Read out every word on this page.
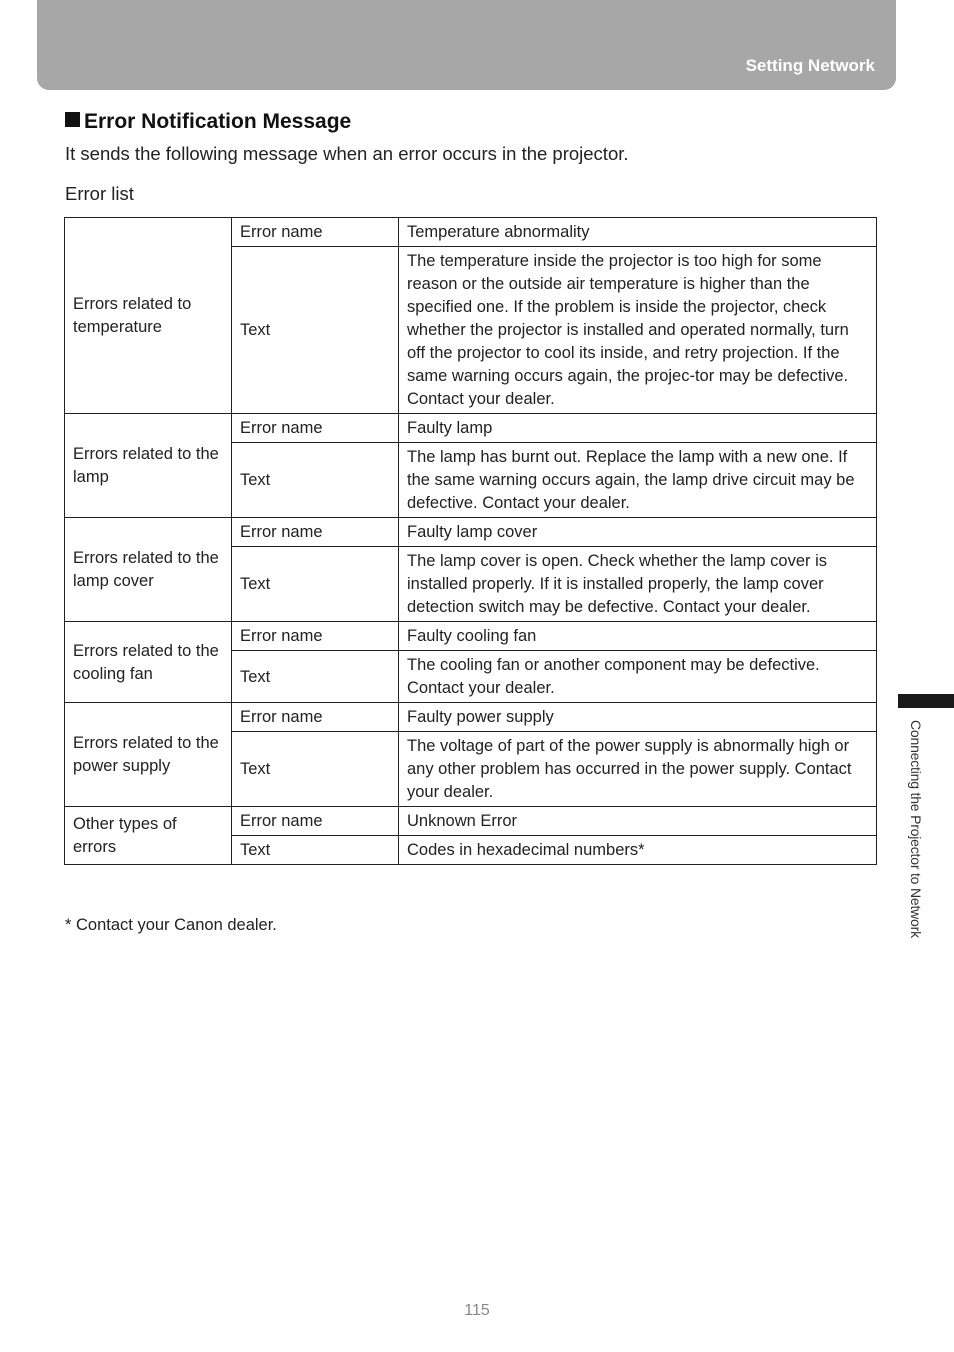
Setting Network
Connecting the Projector to Network
Error Notification Message
It sends the following message when an error occurs in the projector.
Error list
Errors related to temperature	Error name	Temperature abnormality
	Text	The temperature inside the projector is too high for some reason or the outside air temperature is higher than the specified one. If the problem is inside the projector, check whether the projector is installed and operated normally, turn off the projector to cool its inside, and retry projection. If the same warning occurs again, the projec-tor may be defective. Contact your dealer.
Errors related to the lamp	Error name	Faulty lamp
	Text	The lamp has burnt out. Replace the lamp with a new one. If the same warning occurs again, the lamp drive circuit may be defective. Contact your dealer.
Errors related to the lamp cover	Error name	Faulty lamp cover
	Text	The lamp cover is open. Check whether the lamp cover is installed properly. If it is installed properly, the lamp cover detection switch may be defective. Contact your dealer.
Errors related to the cooling fan	Error name	Faulty cooling fan
	Text	The cooling fan or another component may be defective. Contact your dealer.
Errors related to the power supply	Error name	Faulty power supply
	Text	The voltage of part of the power supply is abnormally high or any other problem has occurred in the power supply. Contact your dealer.
Other types of errors	Error name	Unknown Error
	Text	Codes in hexadecimal numbers*
* Contact your Canon dealer.
115
